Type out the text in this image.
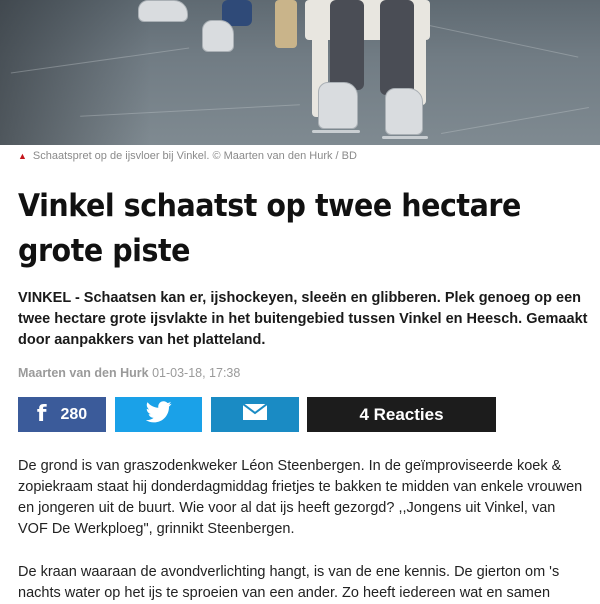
▲ Schaatspret op de ijsvloer bij Vinkel. © Maarten van den Hurk / BD
Vinkel schaatst op twee hectare grote piste

VINKEL - Schaatsen kan er, ijshockeyen, sleeën en glibberen. Plek genoeg op een twee hectare grote ijsvlakte in het buitengebied tussen Vinkel en Heesch. Gemaakt door aanpakkers van het platteland.

Maarten van den Hurk 01-03-18, 17:38
f 280	4 Reacties

De grond is van graszodenkweker Léon Steenbergen. In de geïmproviseerde koek & zopiekraam staat hij donderdagmiddag frietjes te bakken te midden van enkele vrouwen en jongeren uit de buurt. Wie voor al dat ijs heeft gezorgd? ,,Jongens uit Vinkel, van VOF De Werkploeg", grinnikt Steenbergen.

De kraan waaraan de avondverlichting hangt, is van de ene kennis. De gierton om 's nachts water op het ijs te sproeien van een ander. Zo heeft iedereen wat en samen
